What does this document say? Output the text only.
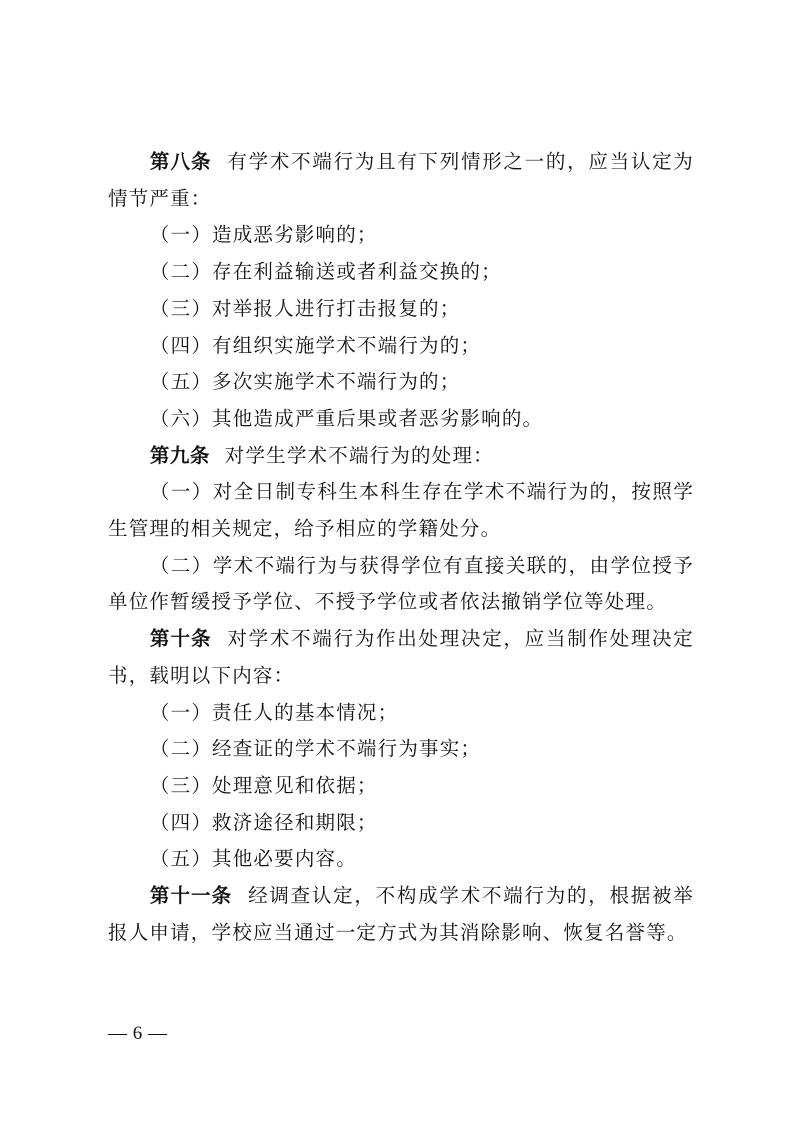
第八条 有学术不端行为且有下列情形之一的，应当认定为情节严重：

（一）造成恶劣影响的；

（二）存在利益输送或者利益交换的；

（三）对举报人进行打击报复的；

（四）有组织实施学术不端行为的；

（五）多次实施学术不端行为的；

（六）其他造成严重后果或者恶劣影响的。

第九条 对学生学术不端行为的处理：

（一）对全日制专科生本科生存在学术不端行为的，按照学生管理的相关规定，给予相应的学籍处分。

（二）学术不端行为与获得学位有直接关联的，由学位授予单位作暂缓授予学位、不授予学位或者依法撤销学位等处理。

第十条 对学术不端行为作出处理决定，应当制作处理决定书，载明以下内容：

（一）责任人的基本情况；

（二）经查证的学术不端行为事实；

（三）处理意见和依据；

（四）救济途径和期限；

（五）其他必要内容。

第十一条 经调查认定，不构成学术不端行为的，根据被举报人申请，学校应当通过一定方式为其消除影响、恢复名誉等。

— 6 —
